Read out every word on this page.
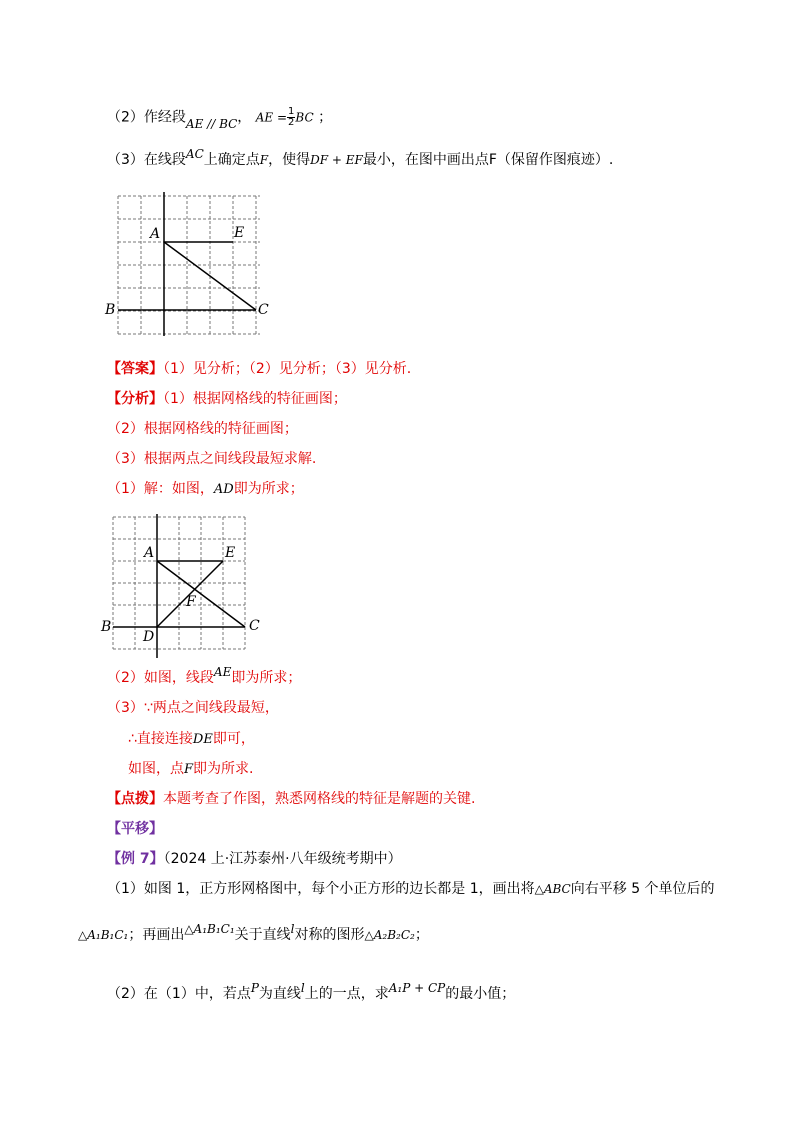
（2）作经段AE // BC， AE = $\frac{1}{2}$ BC ；
（3）在线段AC上确定点F，使得DF + EF最小，在图中画出点F（保留作图痕迹）.
A	E
B	C
【答案】（1）见分析；（2）见分析；（3）见分析.
【分析】（1）根据网格线的特征画图；
（2）根据网格线的特征画图；
（3）根据两点之间线段最短求解.
（1）解：如图，AD即为所求；
A	E
F
B
D
C
（2）如图，线段AE即为所求；
（3）∵两点之间线段最短，
∴直接连接DE即可，
如图，点F即为所求.
【点拨】本题考查了作图，熟悉网格线的特征是解题的关键.
【平移】
【例 7】（2024 上·江苏泰州·八年级统考期中）
（1）如图 1，正方形网格图中，每个小正方形的边长都是 1，画出将△ABC向右平移 5 个单位后的
△A₁B₁C₁；再画出△A₁B₁C₁关于直线l对称的图形△A₂B₂C₂；
（2）在（1）中，若点P为直线l上的一点，求A₁P + CP的最小值；
